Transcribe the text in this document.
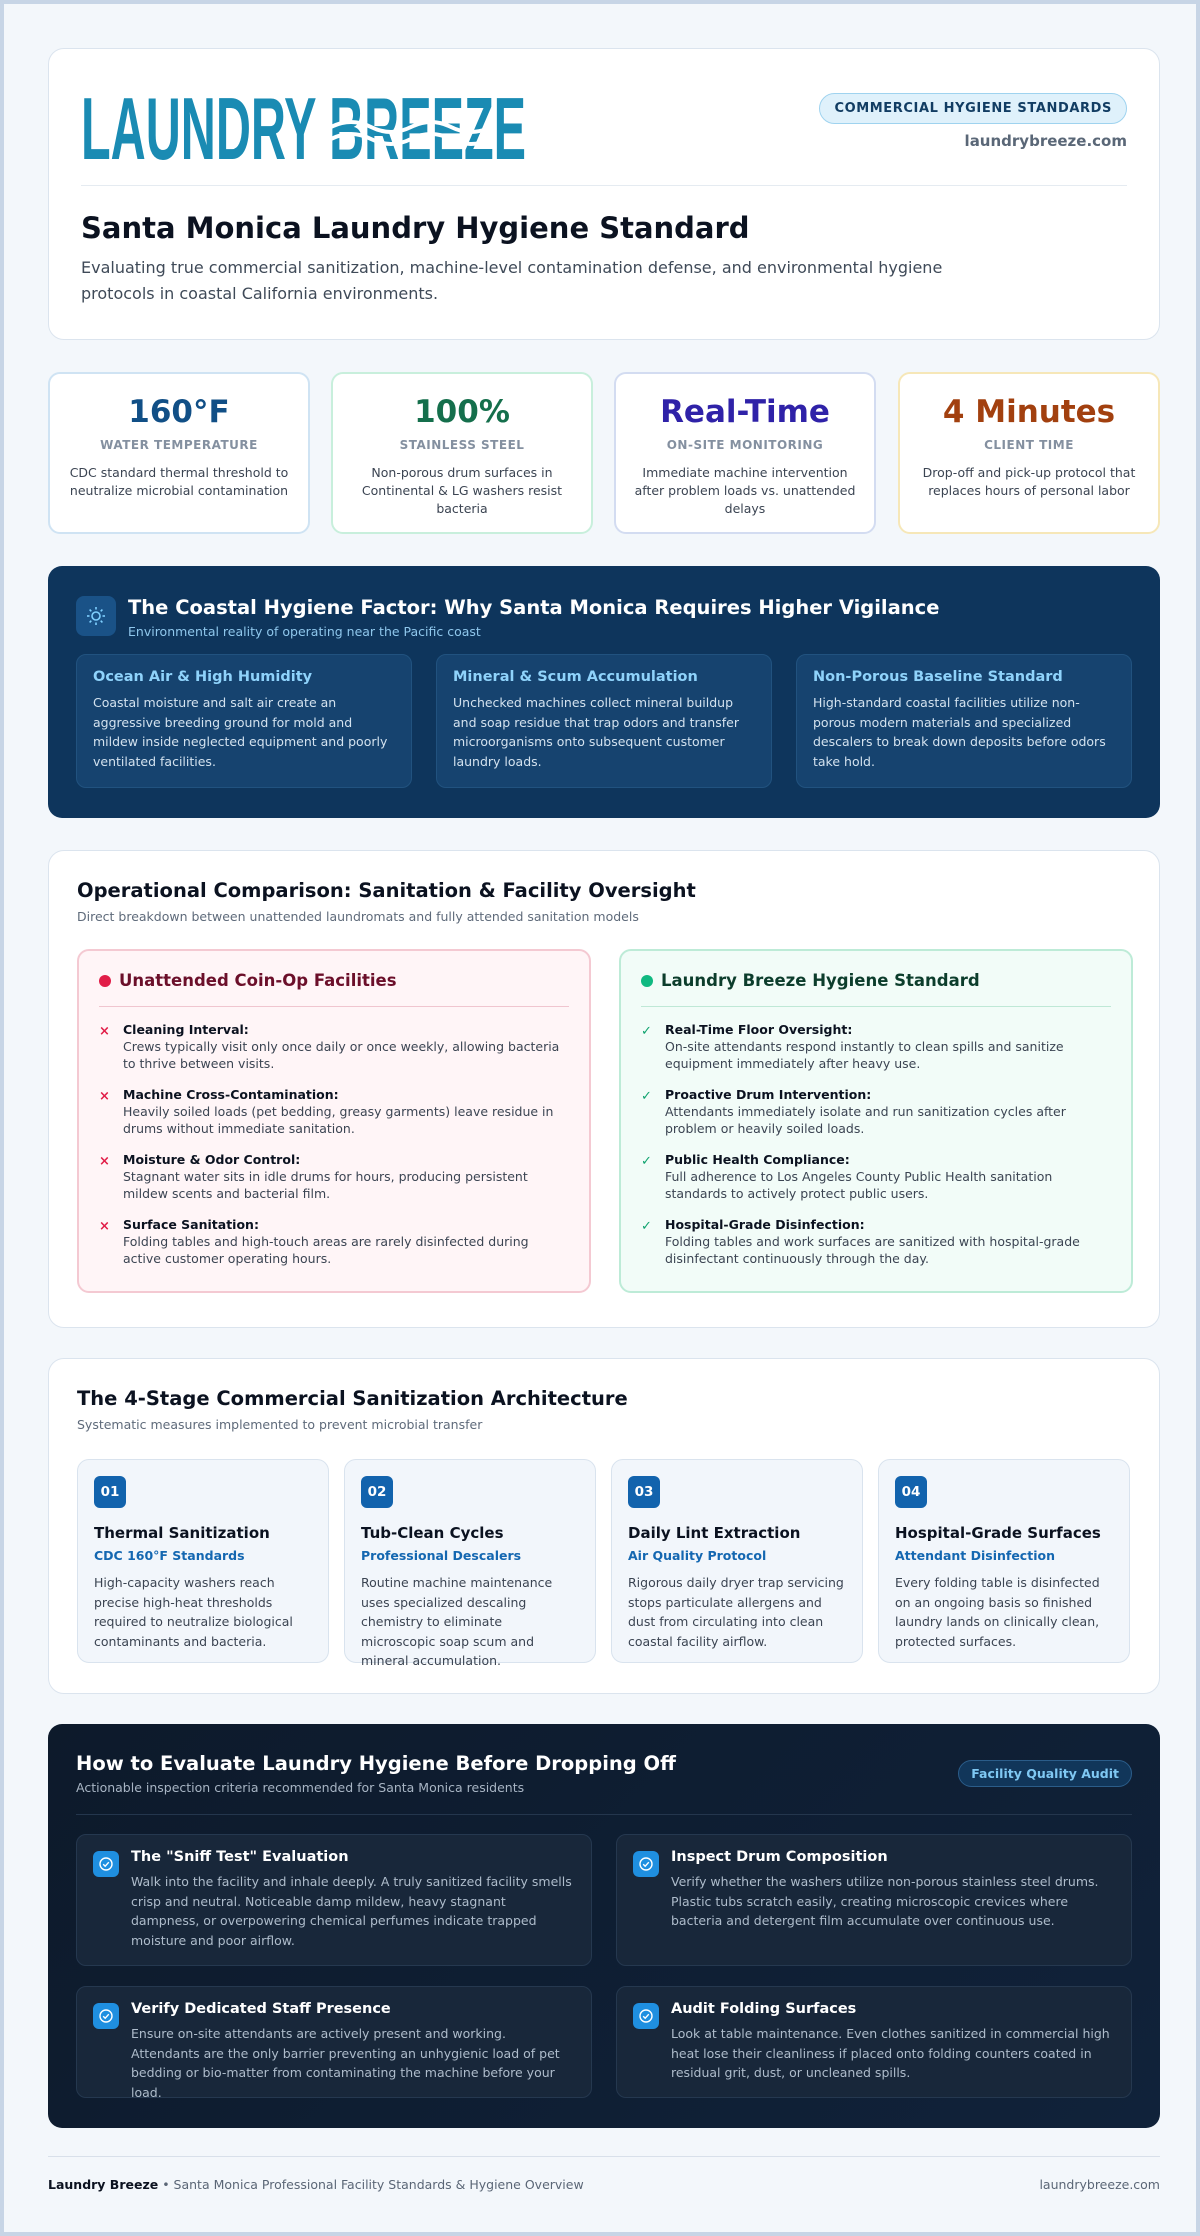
LAUNDRY BREEZE	COMMERCIAL HYGIENE STANDARDS
laundrybreeze.com
Santa Monica Laundry Hygiene Standard

Evaluating true commercial sanitization, machine-level contamination defense, and environmental hygiene protocols in coastal California environments.

160°F
WATER TEMPERATURE
CDC standard thermal threshold to neutralize microbial contamination
100%
STAINLESS STEEL
Non-porous drum surfaces in Continental & LG washers resist bacteria
Real-Time
ON-SITE MONITORING
Immediate machine intervention after problem loads vs. unattended delays
4 Minutes
CLIENT TIME
Drop-off and pick-up protocol that replaces hours of personal labor
The Coastal Hygiene Factor: Why Santa Monica Requires Higher Vigilance
Environmental reality of operating near the Pacific coast
Ocean Air & High Humidity
Coastal moisture and salt air create an aggressive breeding ground for mold and mildew inside neglected equipment and poorly ventilated facilities.
Mineral & Scum Accumulation
Unchecked machines collect mineral buildup and soap residue that trap odors and transfer microorganisms onto subsequent customer laundry loads.
Non-Porous Baseline Standard
High-standard coastal facilities utilize non-porous modern materials and specialized descalers to break down deposits before odors take hold.
Operational Comparison: Sanitation & Facility Oversight
Direct breakdown between unattended laundromats and fully attended sanitation models
Unattended Coin-Op Facilities
×	Cleaning Interval:
Crews typically visit only once daily or once weekly, allowing bacteria to thrive between visits.
×	Machine Cross-Contamination:
Heavily soiled loads (pet bedding, greasy garments) leave residue in drums without immediate sanitation.
×	Moisture & Odor Control:
Stagnant water sits in idle drums for hours, producing persistent mildew scents and bacterial film.
×	Surface Sanitation:
Folding tables and high-touch areas are rarely disinfected during active customer operating hours.
Laundry Breeze Hygiene Standard
✓	Real-Time Floor Oversight:
On-site attendants respond instantly to clean spills and sanitize equipment immediately after heavy use.
✓	Proactive Drum Intervention:
Attendants immediately isolate and run sanitization cycles after problem or heavily soiled loads.
✓	Public Health Compliance:
Full adherence to Los Angeles County Public Health sanitation standards to actively protect public users.
✓	Hospital-Grade Disinfection:
Folding tables and work surfaces are sanitized with hospital-grade disinfectant continuously through the day.
The 4-Stage Commercial Sanitization Architecture
Systematic measures implemented to prevent microbial transfer
01
Thermal Sanitization
CDC 160°F Standards
High-capacity washers reach precise high-heat thresholds required to neutralize biological contaminants and bacteria.
02
Tub-Clean Cycles
Professional Descalers
Routine machine maintenance uses specialized descaling chemistry to eliminate microscopic soap scum and mineral accumulation.
03
Daily Lint Extraction
Air Quality Protocol
Rigorous daily dryer trap servicing stops particulate allergens and dust from circulating into clean coastal facility airflow.
04
Hospital-Grade Surfaces
Attendant Disinfection
Every folding table is disinfected on an ongoing basis so finished laundry lands on clinically clean, protected surfaces.
How to Evaluate Laundry Hygiene Before Dropping Off
Actionable inspection criteria recommended for Santa Monica residents
Facility Quality Audit
The "Sniff Test" Evaluation
Walk into the facility and inhale deeply. A truly sanitized facility smells crisp and neutral. Noticeable damp mildew, heavy stagnant dampness, or overpowering chemical perfumes indicate trapped moisture and poor airflow.
Inspect Drum Composition
Verify whether the washers utilize non-porous stainless steel drums. Plastic tubs scratch easily, creating microscopic crevices where bacteria and detergent film accumulate over continuous use.
Verify Dedicated Staff Presence
Ensure on-site attendants are actively present and working. Attendants are the only barrier preventing an unhygienic load of pet bedding or bio-matter from contaminating the machine before your load.
Audit Folding Surfaces
Look at table maintenance. Even clothes sanitized in commercial high heat lose their cleanliness if placed onto folding counters coated in residual grit, dust, or uncleaned spills.
Laundry Breeze • Santa Monica Professional Facility Standards & Hygiene Overview	laundrybreeze.com
